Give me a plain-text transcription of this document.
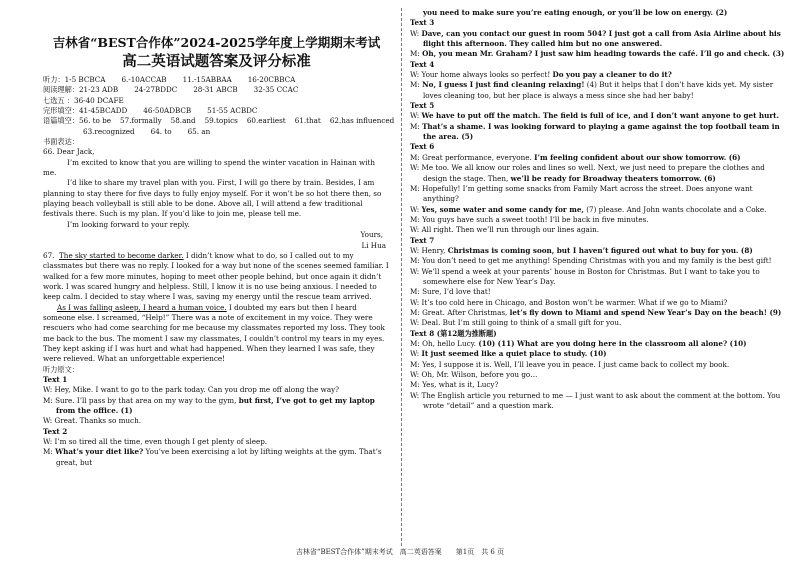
吉林省“BEST合作体”2024-2025学年度上学期期末考试
高二英语试题答案及评分标准
听力：1-5 BCBCA 6.-10ACCAB 11.-15ABBAA 16-20CBBCA
阅读理解：21-23 ADB 24-27BDDC 28-31 ABCB 32-35 CCAC
七选五 ：36-40 DCAFE
完形填空：41-45BCADD 46-50ADBCB 51-55 ACBDC
语篇填空：56. to be 57.formally 58.and 59.topics 60.earliest 61.that 62.has influenced
63.recognized 64. to 65. an
书面表达：
66. Dear Jack,
I’m excited to know that you are willing to spend the winter vacation in Hainan with me.
I’d like to share my travel plan with you. First, I will go there by train. Besides, I am planning to stay there for five days to fully enjoy myself. For it won’t be so hot there then, so playing beach volleyball is still able to be done. Above all, I will attend a few traditional festivals there. Such is my plan. If you’d like to join me, please tell me.
I’m looking forward to your reply.
Yours,
Li Hua
67. The sky started to become darker. I didn’t know what to do, so I called out to my classmates but there was no reply. I looked for a way but none of the scenes seemed familiar. I walked for a few more minutes, hoping to meet other people behind, but once again it didn’t work. I was scared hungry and helpless. Still, I know it is no use being anxious. I needed to keep calm. I decided to stay where I was, saving my energy until the rescue team arrived.
As I was falling asleep, I heard a human voice. I doubted my ears but then I heard someone else. I screamed, “Help!” There was a note of excitement in my voice. They were rescuers who had come searching for me because my classmates reported my loss. They took me back to the bus. The moment I saw my classmates, I couldn’t control my tears in my eyes. They kept asking if I was hurt and what had happened. When they learned I was safe, they were relieved. What an unforgettable experience!
听力原文：
Text 1
W: Hey, Mike. I want to go to the park today. Can you drop me off along the way?
M: Sure. I’ll pass by that area on my way to the gym, but first, I’ve got to get my laptop from the office. (1)
W: Great. Thanks so much.
Text 2
W: I’m so tired all the time, even though I get plenty of sleep.
M: What’s your diet like? You’ve been exercising a lot by lifting weights at the gym. That’s great, but
you need to make sure you’re eating enough, or you’ll be low on energy. (2)
Text 3
W: Dave, can you contact our guest in room 504? I just got a call from Asia Airline about his flight this afternoon. They called him but no one answered.
M: Oh, you mean Mr. Graham? I just saw him heading towards the café. I’ll go and check. (3)
Text 4
W: Your home always looks so perfect! Do you pay a cleaner to do it?
M: No, I guess I just find cleaning relaxing! (4) But it helps that I don’t have kids yet. My sister loves cleaning too, but her place is always a mess since she had her baby!
Text 5
W: We have to put off the match. The field is full of ice, and I don’t want anyone to get hurt.
M: That’s a shame. I was looking forward to playing a game against the top football team in the area. (5)
Text 6
M: Great performance, everyone. I’m feeling confident about our show tomorrow. (6)
W: Me too. We all know our roles and lines so well. Next, we just need to prepare the clothes and design the stage. Then, we’ll be ready for Broadway theaters tomorrow. (6)
M: Hopefully! I’m getting some snacks from Family Mart across the street. Does anyone want anything?
W: Yes, some water and some candy for me, (7) please. And John wants chocolate and a Coke.
M: You guys have such a sweet tooth! I’ll be back in five minutes.
W: All right. Then we’ll run through our lines again.
Text 7
W: Henry, Christmas is coming soon, but I haven’t figured out what to buy for you. (8)
M: You don’t need to get me anything! Spending Christmas with you and my family is the best gift!
W: We’ll spend a week at your parents’ house in Boston for Christmas. But I want to take you to somewhere else for New Year’s Day.
M: Sure, I’d love that!
W: It’s too cold here in Chicago, and Boston won’t be warmer. What if we go to Miami?
M: Great. After Christmas, let’s fly down to Miami and spend New Year’s Day on the beach! (9)
W: Deal. But I’m still going to think of a small gift for you.
Text 8 (第12题为推断题)
M: Oh, hello Lucy. (10) (11) What are you doing here in the classroom all alone? (10)
W: It just seemed like a quiet place to study. (10)
M: Yes, I suppose it is. Well, I’ll leave you in peace. I just came back to collect my book.
W: Oh, Mr. Wilson, before you go…
M: Yes, what is it, Lucy?
W: The English article you returned to me — I just want to ask about the comment at the bottom. You wrote “detail” and a question mark.
吉林省“BEST合作体”期末考试　高二英语答案　　第1页　共 6 页
